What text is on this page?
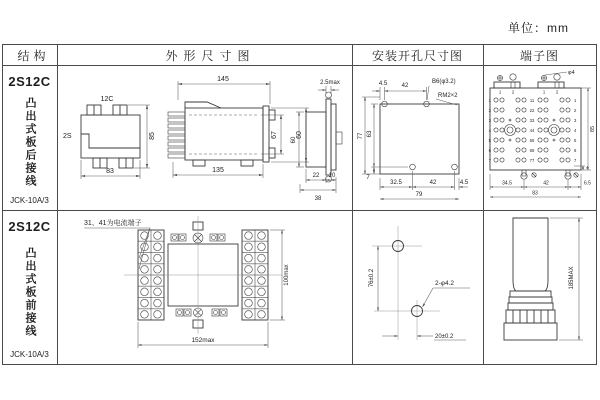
单位：mm
结构	外形尺寸图	安装开孔尺寸图	端子图
2S12C
凸出式板后接线
JCK-10A/3
2S12C
凸出式板前接线
JCK-10A/3
12C
2S	85
83
145
135
67	60
2.5max
60
22 10
38
4.5 42
B6(φ3.2)
RM2×2
77 63
7
32.5	42	4.5
79
1	2	1	2
1
2
3
4
5
6
7
11
22
33
44
55
66
77
1
2
3
4
5
6
7
φ4
85
4
34.5	42	6.5
83
31、41为电流端子
100max
152max
76±0.2	2-φ4.2
20±0.2
185MAX
